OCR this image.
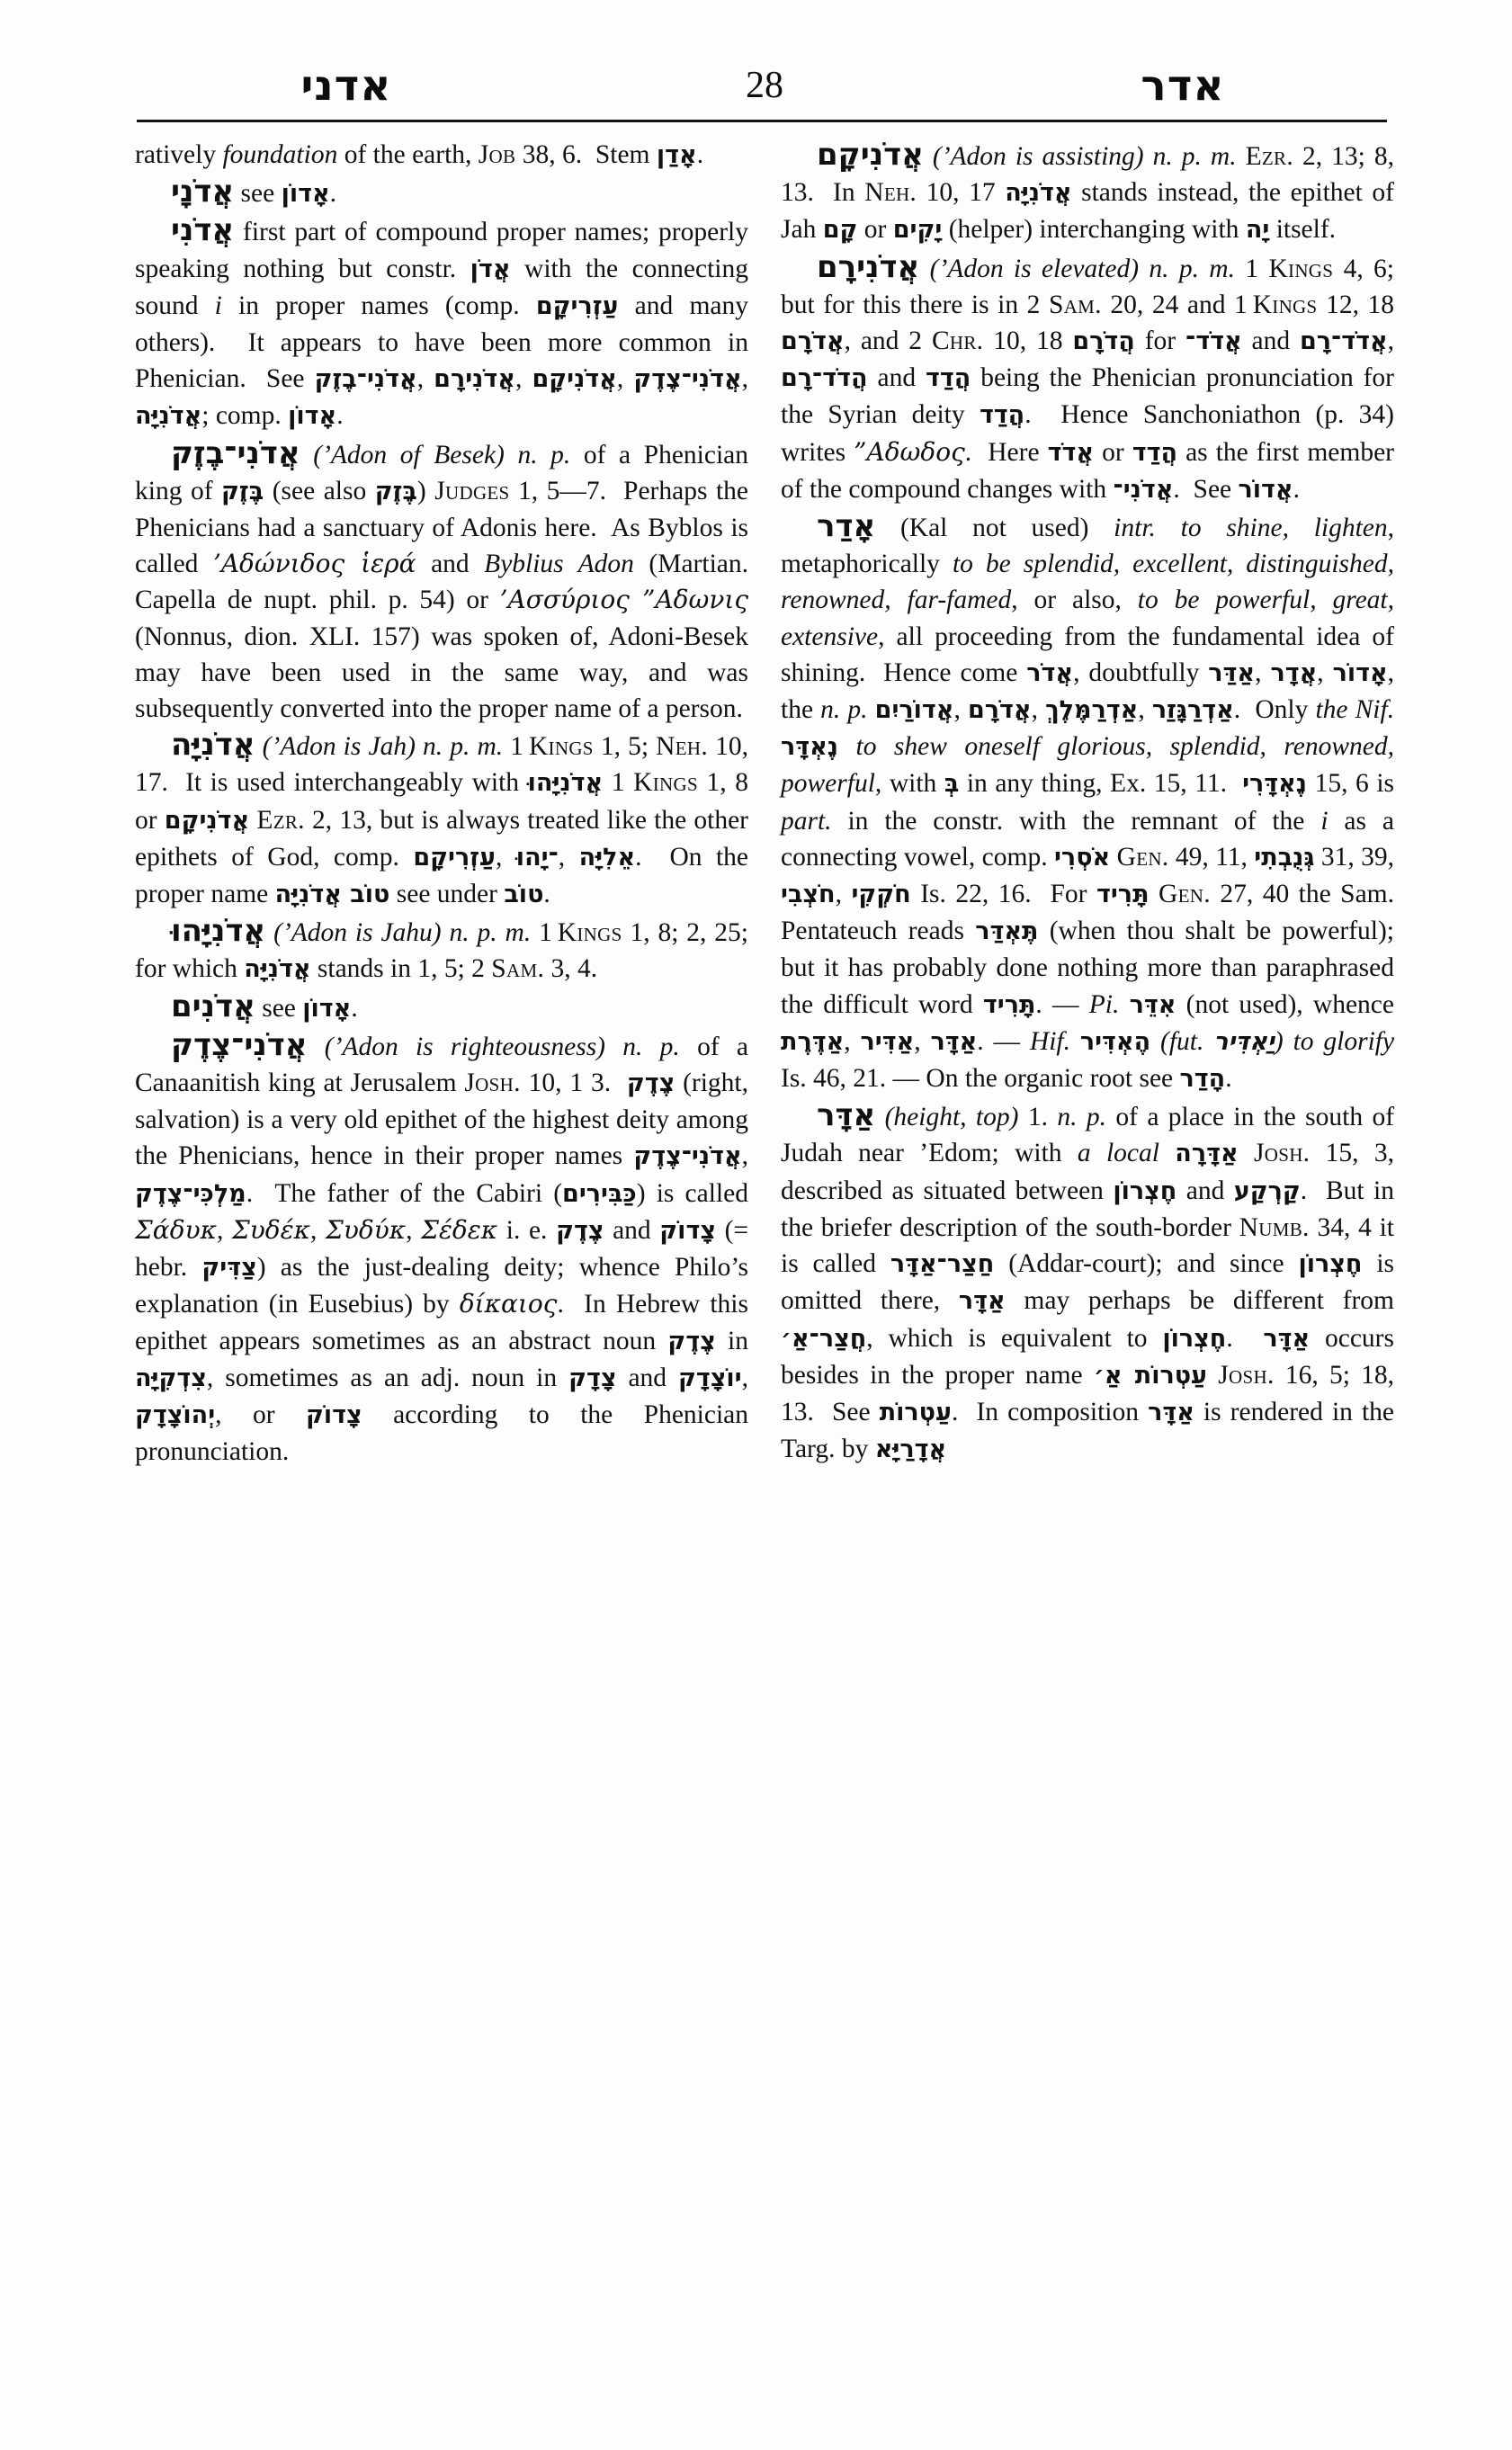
אדני	28	אדר

ratively foundation of the earth, Job 38, 6.  Stem אָדַן.

אֲדֹנָי see אָדוֹן.

אֲדֹנִי first part of compound proper names; properly speaking nothing but constr. אֲדֹן with the connecting sound i in proper names (comp. עַזְרִיקָם and many others).  It appears to have been more common in Phenician.  See אֲדֹנִי־בֶזֶק, אֲדֹנִירָם, אֲדֹנִיקָם, אֲדֹנִי־צֶדֶק, אֲדֹנִיָּה; comp. אָדוֹן.

אֲדֹנִי־בֶזֶק (’Adon of Besek) n. p. of a Phenician king of בֶּזֶק (see also בֶּזֶק) Judges 1, 5—7.  Perhaps the Phenicians had a sanctuary of Adonis here.  As Byblos is called ’Αδώνιδος ἱερά and Byblius Adon (Martian. Capella de nupt. phil. p. 54) or ’Ασσύριος ”Αδωνις (Nonnus, dion. XLI. 157) was spoken of, Adoni-Besek may have been used in the same way, and was subsequently converted into the proper name of a person.

אֲדֹנִיָּה (’Adon is Jah) n. p. m. 1 Kings 1, 5; Neh. 10, 17.  It is used interchangeably with אֲדֹנִיָּהוּ 1 Kings 1, 8 or אֲדֹנִיקָם Ezr. 2, 13, but is always treated like the other epithets of God, comp. עַזְרִיקָם, ־יָהוּ, אֵלִיָּה.  On the proper name טוֹב אֲדֹנִיָּה see under טוֹב.

אֲדֹנִיָּהוּ (’Adon is Jahu) n. p. m. 1 Kings 1, 8; 2, 25; for which אֲדֹנִיָּה stands in 1, 5; 2 Sam. 3, 4.

אֲדֹנִים see אָדוֹן.

אֲדֹנִי־צֶדֶק (’Adon is righteousness) n. p. of a Canaanitish king at Jerusalem Josh. 10, 1 3.  צֶדֶק (right, salvation) is a very old epithet of the highest deity among the Phenicians, hence in their proper names אֲדֹנִי־צֶדֶק, מַלְכִּי־צֶדֶק.  The father of the Cabiri (כַּבִּירִים) is called Σάδυκ, Συδέκ, Συδύκ, Σέδεκ i. e. צֶדֶק and צָדוֹק (= hebr. צַדִּיק) as the just-dealing deity; whence Philo’s explanation (in Eusebius) by δίκαιος.  In Hebrew this epithet appears sometimes as an abstract noun צֶדֶק in צִדְקִיָּה, sometimes as an adj. noun in צָדָק and יוֹצָדָק, יְהוֹצָדָק, or צָדוֹק according to the Phenician pronunciation.

אֲדֹנִיקָם (’Adon is assisting) n. p. m. Ezr. 2, 13; 8, 13.  In Neh. 10, 17 אֲדֹנִיָּה stands instead, the epithet of Jah קָם or יָקִים (helper) interchanging with יָה itself.

אֲדֹנִירָם (’Adon is elevated) n. p. m. 1 Kings 4, 6; but for this there is in 2 Sam. 20, 24 and 1 Kings 12, 18 אֲדֹרָם, and 2 Chr. 10, 18 הֲדֹרָם for אֲדֹד־ and אֲדֹד־רָם, הֲדֹד־רָם and הֲדַד being the Phenician pronunciation for the Syrian deity הֲדַד.  Hence Sanchoniathon (p. 34) writes ”Αδωδος.  Here אֲדֹד or הֲדַד as the first member of the compound changes with אֲדֹנִי־.  See אֲדוֹר.

אָדַר (Kal not used) intr. to shine, lighten, metaphorically to be splendid, excellent, distinguished, renowned, far-famed, or also, to be powerful, great, extensive, all proceeding from the fundamental idea of shining.  Hence come אֲדֹר, doubtfully אַדַּר, אֲדָר, אָדוֹר, the n. p. אֲדוֹרַיִם, אֲדֹרָם, אַדְרַמֶּלֶךְ, אַדְרַגָּזַר.  Only the Nif. נֶאְדָּר to shew oneself glorious, splendid, renowned, powerful, with בְּ in any thing, Ex. 15, 11.  נֶאְדָּרִי 15, 6 is part. in the constr. with the remnant of the i as a connecting vowel, comp. אֹסְרִי Gen. 49, 11, גְּנֻבְתִי 31, 39, חֹצְבִי, חֹקְקִי Is. 22, 16.  For תָּרִיד Gen. 27, 40 the Sam. Pentateuch reads תֶּאְדַּר (when thou shalt be powerful); but it has probably done nothing more than paraphrased the difficult word תָּרִיד. — Pi. אִדֵּר (not used), whence אַדֶּרֶת, אַדִּיר, אַדָּר. — Hif. הֶאְדִּיר (fut. יַאְדִּיר) to glorify Is. 46, 21. — On the organic root see הָדַר.

אַדָּר (height, top) 1. n. p. of a place in the south of Judah near ’Edom; with a local אַדָּרָה Josh. 15, 3, described as situated between חֶצְרוֹן and קַרְקַע.  But in the briefer description of the south-border Numb. 34, 4 it is called חַצַר־אַדָּר (Addar-court); and since חֶצְרוֹן is omitted there, אַדָּר may perhaps be different from חֲצַר־אַ׳, which is equivalent to חֶצְרוֹן.  אַדָּר occurs besides in the proper name עַטְרוֹת אַ׳ Josh. 16, 5; 18, 13.  See עַטְרוֹת.  In composition אַדָּר is rendered in the Targ. by אֲדָרַיָּא
